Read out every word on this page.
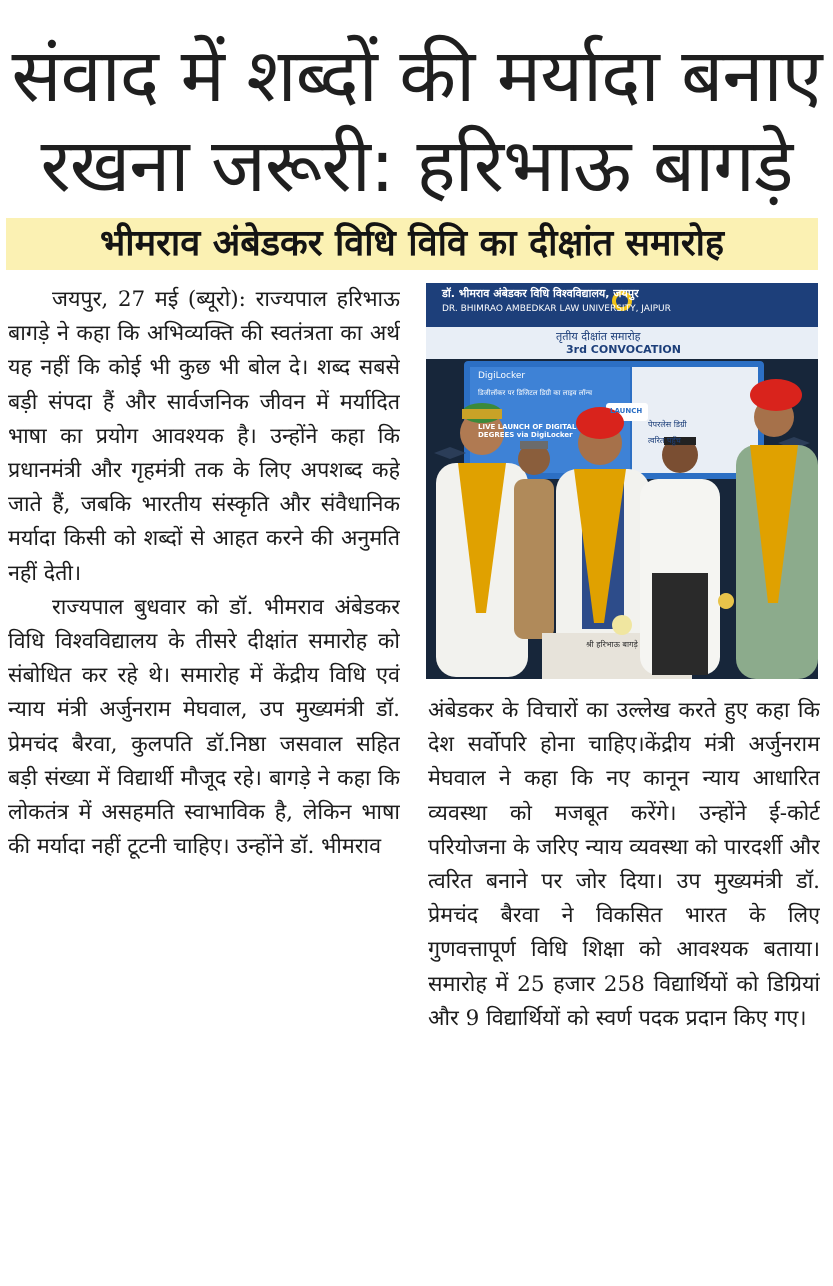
संवाद में शब्दों की मर्यादा बनाए
रखना जरूरी: हरिभाऊ बागड़े
भीमराव अंबेडकर विधि विवि का दीक्षांत समारोह

जयपुर, 27 मई (ब्यूरो): राज्यपाल हरिभाऊ बागड़े ने कहा कि अभिव्यक्ति की स्वतंत्रता का अर्थ यह नहीं कि कोई भी कुछ भी बोल दे। शब्द सबसे बड़ी संपदा हैं और सार्वजनिक जीवन में मर्यादित भाषा का प्रयोग आवश्यक है। उन्होंने कहा कि प्रधानमंत्री और गृहमंत्री तक के लिए अपशब्द कहे जाते हैं, जबकि भारतीय संस्कृति और संवैधानिक मर्यादा किसी को शब्दों से आहत करने की अनुमति नहीं देती।

राज्यपाल बुधवार को डॉ. भीमराव अंबेडकर विधि विश्वविद्यालय के तीसरे दीक्षांत समारोह को संबोधित कर रहे थे। समारोह में केंद्रीय विधि एवं न्याय मंत्री अर्जुनराम मेघवाल, उप मुख्यमंत्री डॉ. प्रेमचंद बैरवा, कुलपति डॉ.निष्ठा जसवाल सहित बड़ी संख्या में विद्यार्थी मौजूद रहे। बागड़े ने कहा कि लोकतंत्र में असहमति स्वाभाविक है, लेकिन भाषा की मर्यादा नहीं टूटनी चाहिए। उन्होंने डॉ. भीमराव

डॉ. भीमराव अंबेडकर विधि विश्वविद्यालय, जयपुर
DR. BHIMRAO AMBEDKAR LAW UNIVERSITY, JAIPUR
तृतीय दीक्षांत समारोह
3rd CONVOCATION
DigiLocker
डिजीलॉकर पर डिजिटल डिग्री का लाइव लॉन्च
LIVE LAUNCH OF DIGITAL DEGREES via DigiLocker
LAUNCH
पेपरलेस डिग्री
त्वरित पहुँच
श्री हरिभाऊ बागड़े

अंबेडकर के विचारों का उल्लेख करते हुए कहा कि देश सर्वोपरि होना चाहिए।केंद्रीय मंत्री अर्जुनराम मेघवाल ने कहा कि नए कानून न्याय आधारित व्यवस्था को मजबूत करेंगे। उन्होंने ई-कोर्ट परियोजना के जरिए न्याय व्यवस्था को पारदर्शी और त्वरित बनाने पर जोर दिया। उप मुख्यमंत्री डॉ. प्रेमचंद बैरवा ने विकसित भारत के लिए गुणवत्तापूर्ण विधि शिक्षा को आवश्यक बताया। समारोह में 25 हजार 258 विद्यार्थियों को डिग्रियां और 9 विद्यार्थियों को स्वर्ण पदक प्रदान किए गए।
